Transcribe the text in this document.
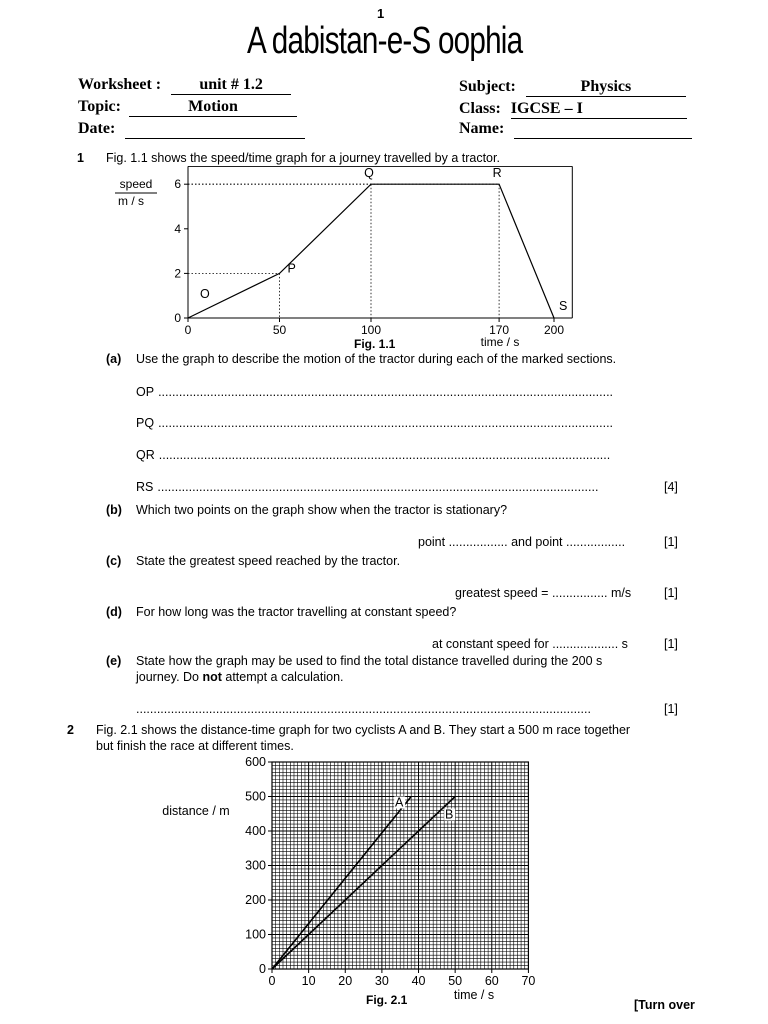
1
A dabistan-e-S oophia
Worksheet : unit # 1.2
Topic:	Motion
Date:
Subject:	Physics
Class: IGCSE – I
Name:
1 Fig. 1.1 shows the speed/time graph for a journey travelled by a tractor.
0	50	100	170	200
0
2
4
6
speed
m / s
time / s
O
P
Q	R
S
Fig. 1.1
(a) Use the graph to describe the motion of the tractor during each of the marked sections.
OP ...................................................................................................................................
PQ ...................................................................................................................................
QR ..................................................................................................................................
RS ...............................................................................................................................	[4]
(b) Which two points on the graph show when the tractor is stationary?
point ................. and point .................	[1]
(c) State the greatest speed reached by the tractor.
greatest speed = ................ m/s	[1]
(d) For how long was the tractor travelling at constant speed?
at constant speed for ................... s	[1]
(e) State how the graph may be used to find the total distance travelled during the 200 s
journey. Do not attempt a calculation.
...................................................................................................................................	[1]
2 Fig. 2.1 shows the distance-time graph for two cyclists A and B. They start a 500 m race together
but finish the race at different times.
0 10 20 30 40 50 60 70
0
100
200
300
400
500
600
distance / m
time / s
A
B
Fig. 2.1	[Turn over
